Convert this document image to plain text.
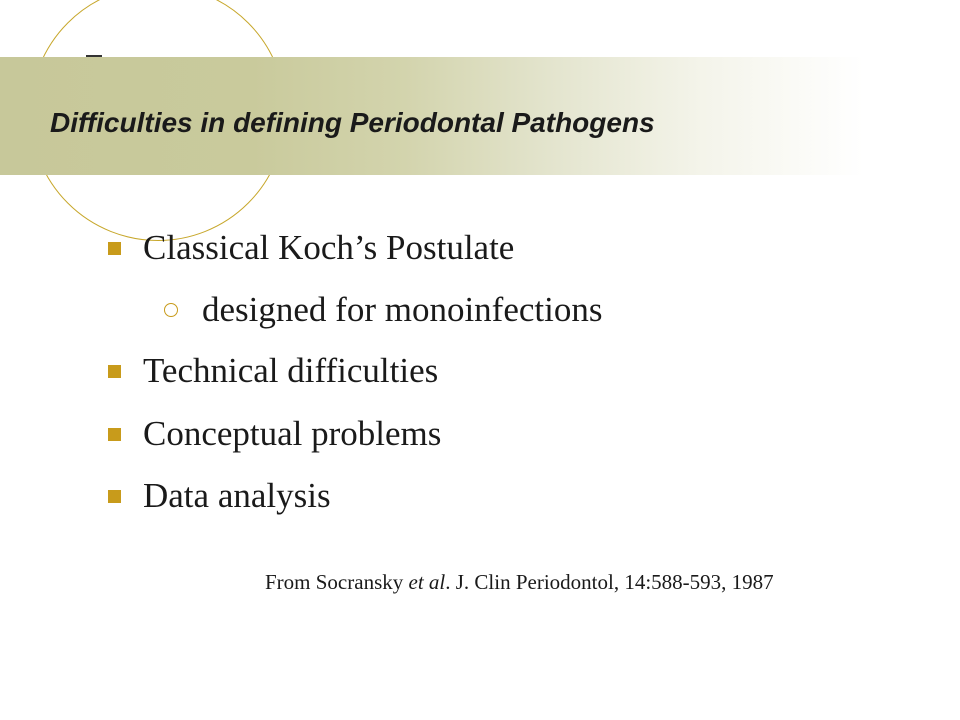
Difficulties in defining Periodontal Pathogens
Classical Koch’s Postulate
designed for monoinfections
Technical difficulties
Conceptual problems
Data analysis
From Socransky et al. J. Clin Periodontol, 14:588-593, 1987
